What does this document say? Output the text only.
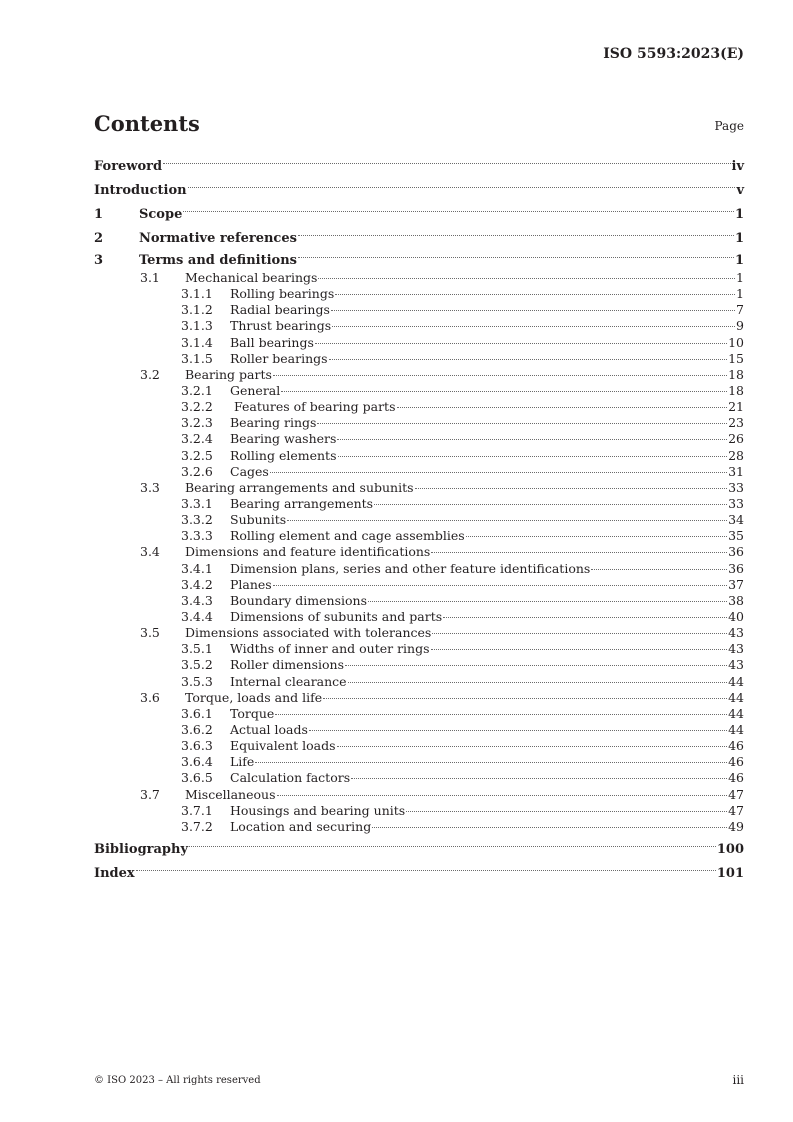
ISO 5593:2023(E)
Contents	Page
Foreword	iv
Introduction	v
1	Scope	1
2	Normative references	1
3	Terms and definitions	1
3.1	Mechanical bearings	1
3.1.1	Rolling bearings	1
3.1.2	Radial bearings	7
3.1.3	Thrust bearings	9
3.1.4	Ball bearings	10
3.1.5	Roller bearings	15
3.2	Bearing parts	18
3.2.1	General	18
3.2.2	Features of bearing parts	21
3.2.3	Bearing rings	23
3.2.4	Bearing washers	26
3.2.5	Rolling elements	28
3.2.6	Cages	31
3.3	Bearing arrangements and subunits	33
3.3.1	Bearing arrangements	33
3.3.2	Subunits	34
3.3.3	Rolling element and cage assemblies	35
3.4	Dimensions and feature identifications	36
3.4.1	Dimension plans, series and other feature identifications	36
3.4.2	Planes	37
3.4.3	Boundary dimensions	38
3.4.4	Dimensions of subunits and parts	40
3.5	Dimensions associated with tolerances	43
3.5.1	Widths of inner and outer rings	43
3.5.2	Roller dimensions	43
3.5.3	Internal clearance	44
3.6	Torque, loads and life	44
3.6.1	Torque	44
3.6.2	Actual loads	44
3.6.3	Equivalent loads	46
3.6.4	Life	46
3.6.5	Calculation factors	46
3.7	Miscellaneous	47
3.7.1	Housings and bearing units	47
3.7.2	Location and securing	49
Bibliography	100
Index	101
© ISO 2023 – All rights reserved	iii
